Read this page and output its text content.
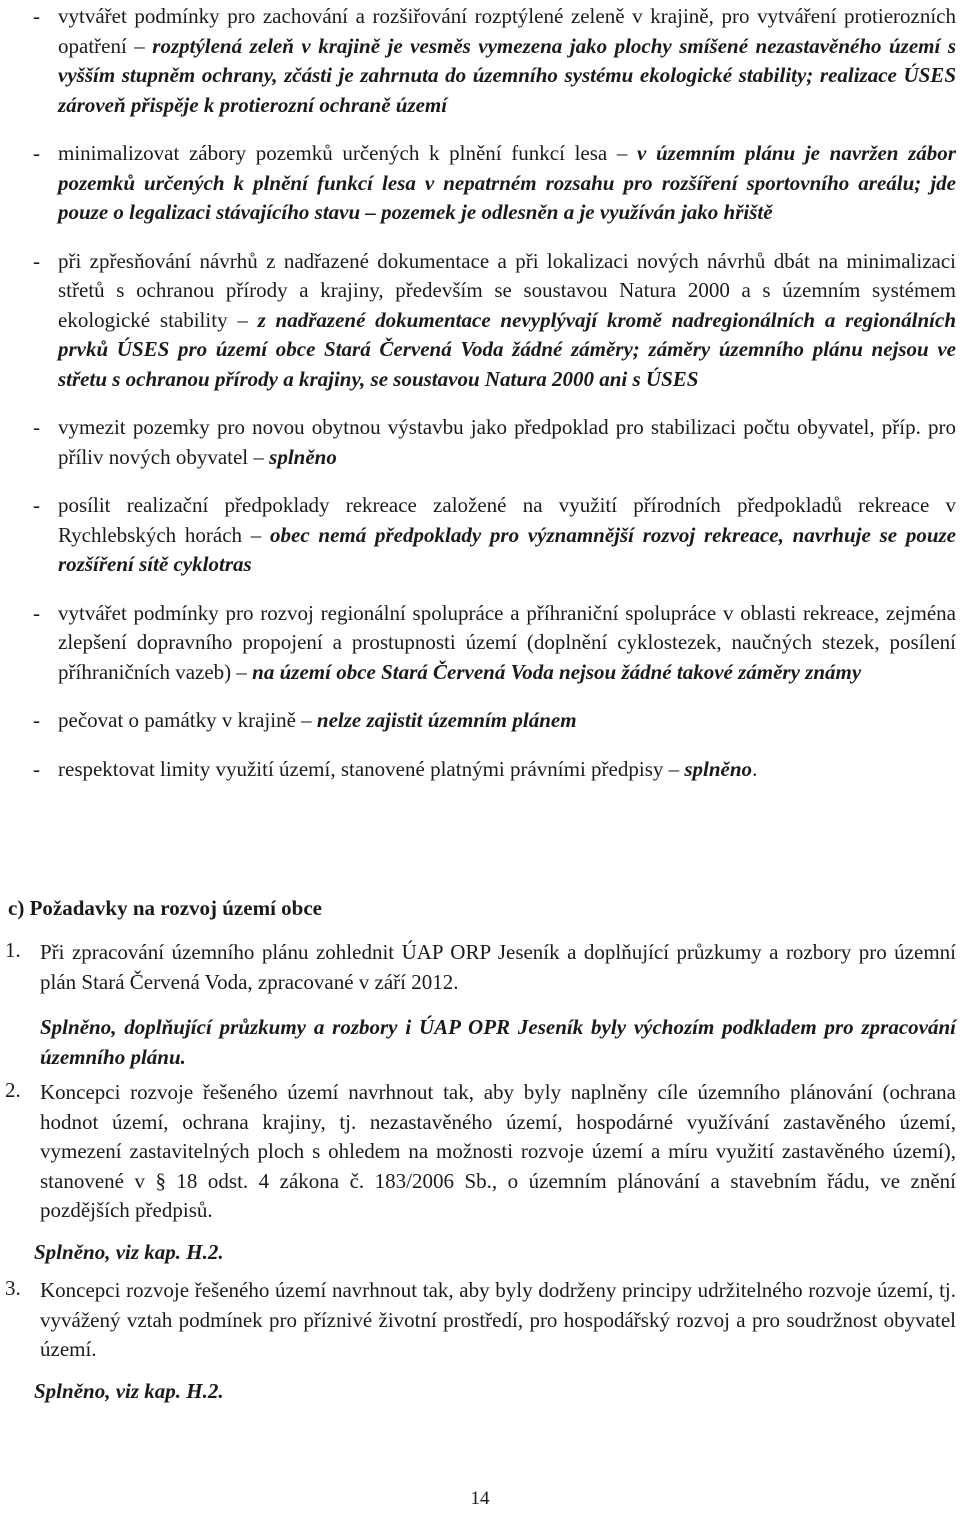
- vytvářet podmínky pro zachování a rozšiřování rozptýlené zeleně v krajině, pro vytváření protierozních opatření – rozptýlená zeleň v krajině je vesměs vymezena jako plochy smíšené nezastavěného území s vyšším stupněm ochrany, zčásti je zahrnuta do územního systému ekologické stability; realizace ÚSES zároveň přispěje k protierozní ochraně území
- minimalizovat zábory pozemků určených k plnění funkcí lesa – v územním plánu je navržen zábor pozemků určených k plnění funkcí lesa v nepatrném rozsahu pro rozšíření sportovního areálu; jde pouze o legalizaci stávajícího stavu – pozemek je odlesněn a je využíván jako hřiště
- při zpřesňování návrhů z nadřazené dokumentace a při lokalizaci nových návrhů dbát na minimalizaci střetů s ochranou přírody a krajiny, především se soustavou Natura 2000 a s územním systémem ekologické stability – z nadřazené dokumentace nevyplývají kromě nadregionálních a regionálních prvků ÚSES pro území obce Stará Červená Voda žádné záměry; záměry územního plánu nejsou ve střetu s ochranou přírody a krajiny, se soustavou Natura 2000 ani s ÚSES
- vymezit pozemky pro novou obytnou výstavbu jako předpoklad pro stabilizaci počtu obyvatel, příp. pro příliv nových obyvatel – splněno
- posílit realizační předpoklady rekreace založené na využití přírodních předpokladů rekreace v Rychlebských horách – obec nemá předpoklady pro významnější rozvoj rekreace, navrhuje se pouze rozšíření sítě cyklotras
- vytvářet podmínky pro rozvoj regionální spolupráce a příhraniční spolupráce v oblasti rekreace, zejména zlepšení dopravního propojení a prostupnosti území (doplnění cyklostezek, naučných stezek, posílení příhraničních vazeb) – na území obce Stará Červená Voda nejsou žádné takové záměry známy
- pečovat o památky v krajině – nelze zajistit územním plánem
- respektovat limity využití území, stanovené platnými právními předpisy – splněno.
c) Požadavky na rozvoj území obce
1. Při zpracování územního plánu zohlednit ÚAP ORP Jeseník a doplňující průzkumy a rozbory pro územní plán Stará Červená Voda, zpracované v září 2012.
Splněno, doplňující průzkumy a rozbory i ÚAP OPR Jeseník byly výchozím podkladem pro zpracování územního plánu.
2. Koncepci rozvoje řešeného území navrhnout tak, aby byly naplněny cíle územního plánování (ochrana hodnot území, ochrana krajiny, tj. nezastavěného území, hospodárné využívání zastavěného území, vymezení zastavitelných ploch s ohledem na možnosti rozvoje území a míru využití zastavěného území), stanovené v § 18 odst. 4 zákona č. 183/2006 Sb., o územním plánování a stavebním řádu, ve znění pozdějších předpisů.
Splněno, viz kap. H.2.
3. Koncepci rozvoje řešeného území navrhnout tak, aby byly dodrženy principy udržitelného rozvoje území, tj. vyvážený vztah podmínek pro příznivé životní prostředí, pro hospodářský rozvoj a pro soudržnost obyvatel území.
Splněno, viz kap. H.2.
14
